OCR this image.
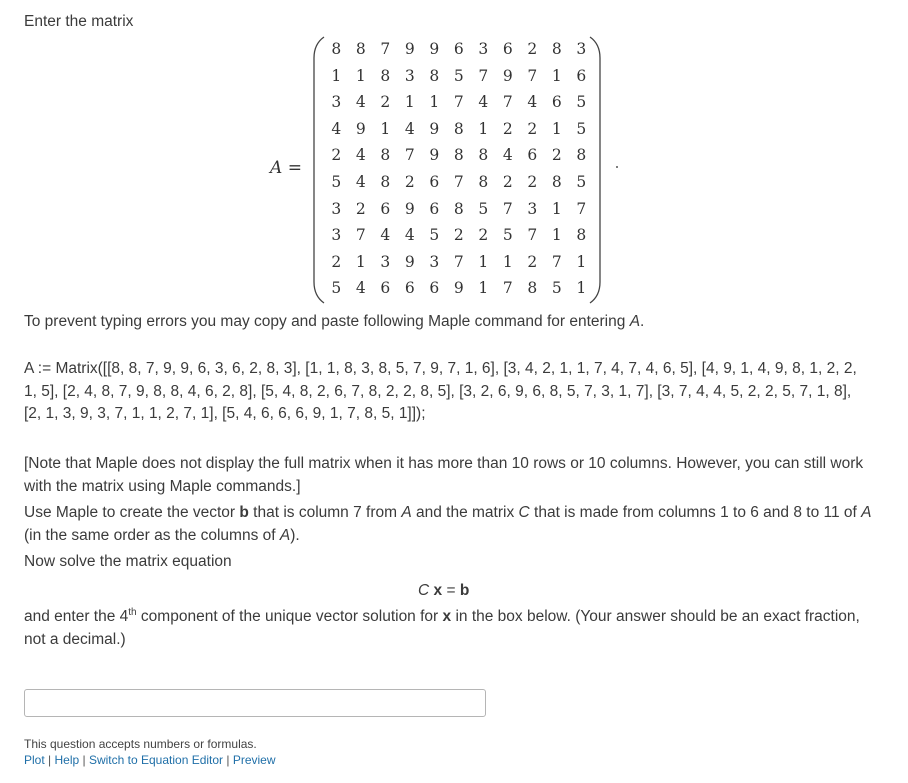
Enter the matrix

A =
8 8 7 9 9 6 3 6 2 8 3
1 1 8 3 8 5 7 9 7 1 6
3 4 2 1 1 7 4 7 4 6 5
4 9 1 4 9 8 1 2 2 1 5
2 4 8 7 9 8 8 4 6 2 8
5 4 8 2 6 7 8 2 2 8 5
3 2 6 9 6 8 5 7 3 1 7
3 7 4 4 5 2 2 5 7 1 8
2 1 3 9 3 7 1 1 2 7 1
5 4 6 6 6 9 1 7 8 5 1

To prevent typing errors you may copy and paste following Maple command for entering A.

A := Matrix([[8, 8, 7, 9, 9, 6, 3, 6, 2, 8, 3], [1, 1, 8, 3, 8, 5, 7, 9, 7, 1, 6], [3, 4, 2, 1, 1, 7, 4, 7, 4, 6, 5], [4, 9, 1, 4, 9, 8, 1, 2, 2, 1, 5], [2, 4, 8, 7, 9, 8, 8, 4, 6, 2, 8], [5, 4, 8, 2, 6, 7, 8, 2, 2, 8, 5], [3, 2, 6, 9, 6, 8, 5, 7, 3, 1, 7], [3, 7, 4, 4, 5, 2, 2, 5, 7, 1, 8], [2, 1, 3, 9, 3, 7, 1, 1, 2, 7, 1], [5, 4, 6, 6, 6, 9, 1, 7, 8, 5, 1]]);

[Note that Maple does not display the full matrix when it has more than 10 rows or 10 columns. However, you can still work with the matrix using Maple commands.]

Use Maple to create the vector b that is column 7 from A and the matrix C that is made from columns 1 to 6 and 8 to 11 of A (in the same order as the columns of A).

Now solve the matrix equation

C x = b

and enter the 4th component of the unique vector solution for x in the box below. (Your answer should be an exact fraction, not a decimal.)

This question accepts numbers or formulas.
Plot | Help | Switch to Equation Editor | Preview
